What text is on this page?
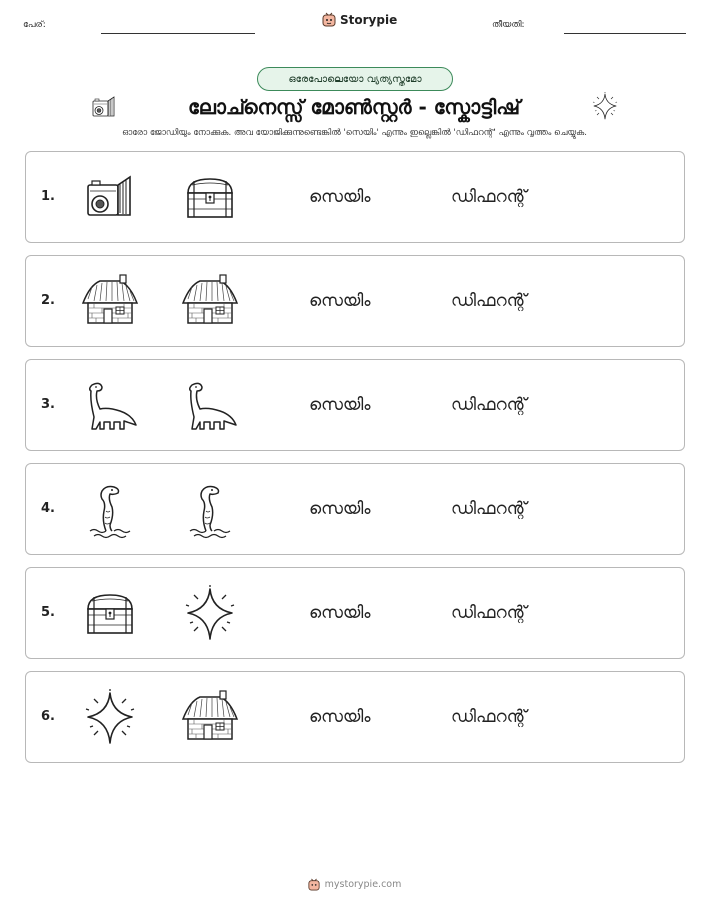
പേര്:	Storypie	തീയതി:
ഒരേപോലെയോ വ്യത്യസ്തമോ
ലോച്നെസ്സ് മോൺസ്റ്റർ - സ്കോട്ടിഷ്
ഓരോ ജോഡിയും നോക്കുക. അവ യോജിക്കുന്നുണ്ടെങ്കിൽ 'സെയിം' എന്നും ഇല്ലെങ്കിൽ 'ഡിഫറന്റ്' എന്നും വൃത്തം ചെയ്യുക.
1.	സെയിം	ഡിഫറന്റ്
2.	സെയിം	ഡിഫറന്റ്
3.	സെയിം	ഡിഫറന്റ്
4.	സെയിം	ഡിഫറന്റ്
5.	സെയിം	ഡിഫറന്റ്
6.	സെയിം	ഡിഫറന്റ്
mystorypie.com
